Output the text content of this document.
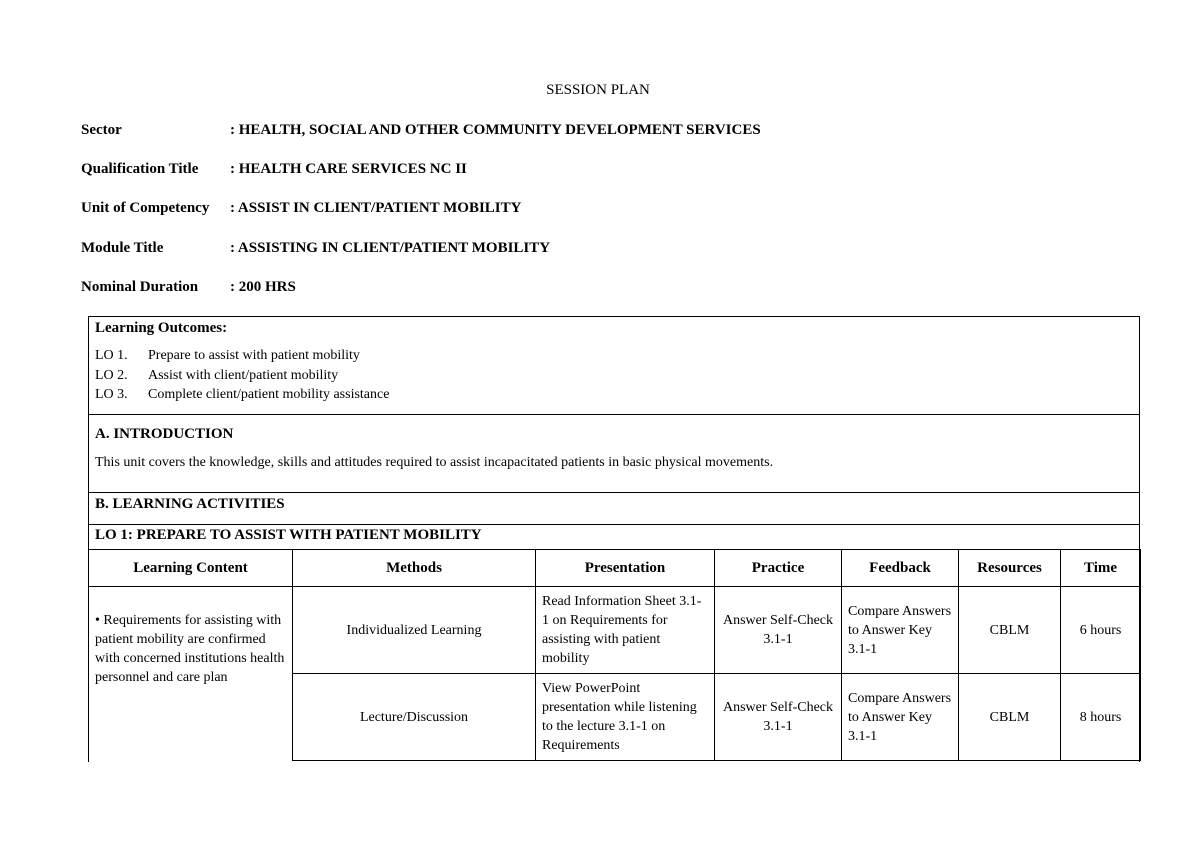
SESSION PLAN
Sector	: HEALTH, SOCIAL AND OTHER COMMUNITY DEVELOPMENT SERVICES
Qualification Title : HEALTH CARE SERVICES NC II
Unit of Competency : ASSIST IN CLIENT/PATIENT MOBILITY
Module Title	: ASSISTING IN CLIENT/PATIENT MOBILITY
Nominal Duration : 200 HRS
Learning Outcomes:
LO 1. Prepare to assist with patient mobility
LO 2. Assist with client/patient mobility
LO 3. Complete client/patient mobility assistance
A. INTRODUCTION
This unit covers the knowledge, skills and attitudes required to assist incapacitated patients in basic physical movements.
B. LEARNING ACTIVITIES
LO 1: PREPARE TO ASSIST WITH PATIENT MOBILITY
Learning Content	Methods	Presentation	Practice	Feedback	Resources	Time

• Requirements for assisting with patient mobility are confirmed with concerned institutions health personnel and care plan	Individualized Learning	Read Information Sheet 3.1-1 on Requirements for assisting with patient mobility	Answer Self-Check 3.1-1	Compare Answers to Answer Key 3.1-1	CBLM	6 hours
	Lecture/Discussion	View PowerPoint presentation while listening to the lecture 3.1-1 on Requirements	Answer Self-Check 3.1-1	Compare Answers to Answer Key 3.1-1	CBLM	8 hours
